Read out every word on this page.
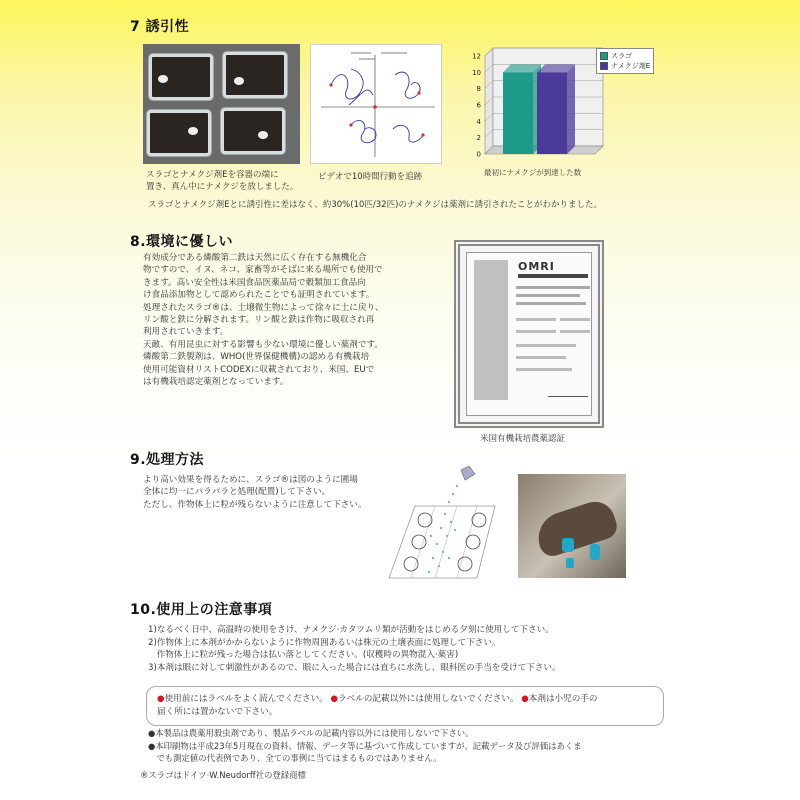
7 誘引性
スラゴとナメクジ剤Eを容器の端に
置き、真ん中にナメクジを放しました。
ビデオで10時間行動を追跡
0
2
4
6
8
10
12	スラゴ
ナメクジ剤E
最初にナメクジが到達した数
スラゴとナメクジ剤Eとに誘引性に差はなく、約30%(10匹/32匹)のナメクジは薬剤に誘引されたことがわかりました。
8.環境に優しい
有効成分である燐酸第二鉄は天然に広く存在する無機化合
物ですので、イヌ、ネコ、家畜等がそばに来る場所でも使用で
きます。高い安全性は米国食品医薬品局で穀類加工食品向
け食品添加物として認められたことでも証明されています。
処理されたスラゴ®は、土壌微生物によって徐々に土に戻り、
リン酸と鉄に分解されます。リン酸と鉄は作物に吸収され再
利用されていきます。
天敵、有用昆虫に対する影響も少ない環境に優しい薬剤です。
燐酸第二鉄製剤は、WHO(世界保健機構)の認める有機栽培
使用可能資材リストCODEXに収載されており、米国、EUで
は有機栽培認定薬剤となっています。
OMRI
米国有機栽培農薬認証
9.処理方法
より高い効果を得るために、スラゴ®は図のように圃場
全体に均一にパラパラと処理(配置)して下さい。
ただし、作物体上に粒が残らないように注意して下さい。
10.使用上の注意事項
1)なるべく日中、高温時の使用をさけ、ナメクジ·カタツムリ類が活動をはじめる夕刻に使用して下さい。
2)作物体上に本剤がかからないように作物周囲あるいは株元の土壌表面に処理して下さい。
　作物体上に粒が残った場合は払い落としてください。(収穫時の異物混入·薬害)
3)本剤は眼に対して刺激性があるので、眼に入った場合には直ちに水洗し、眼科医の手当を受けて下さい。
●使用前にはラベルをよく読んでください。 ●ラベルの記載以外には使用しないでください。 ●本剤は小児の手の
届く所には置かないで下さい。
●本製品は農薬用殺虫剤であり、製品ラベルの記載内容以外には使用しないで下さい。
●本印刷物は平成23年5月現在の資料、情報、データ等に基づいて作成していますが、記載データ及び評価はあくま
　でも測定値の代表例であり、全ての事例に当てはまるものではありません。
®スラゴはドイツ·W.Neudorff社の登録商標
